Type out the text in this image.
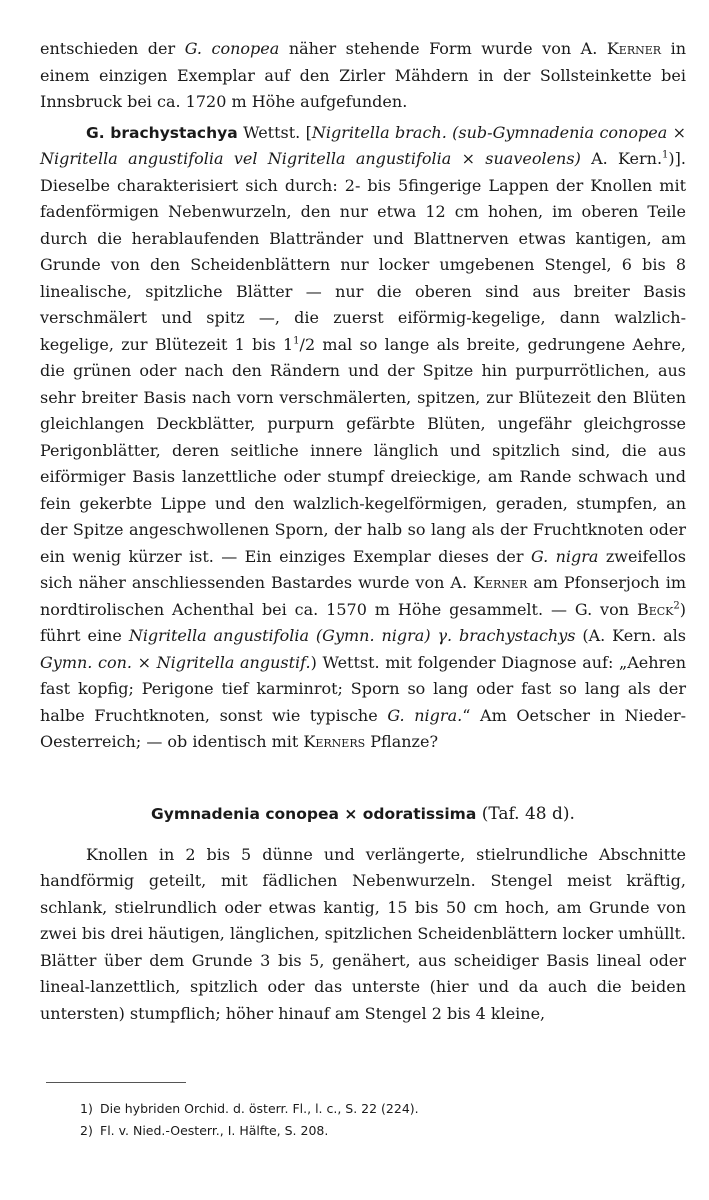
entschieden der G. conopea näher stehende Form wurde von A. Kerner in einem einzigen Exemplar auf den Zirler Mähdern in der Sollsteinkette bei Innsbruck bei ca. 1720 m Höhe aufgefunden.

G. brachystachya Wettst. [Nigritella brach. (sub-Gymnadenia conopea × Nigritella angustifolia vel Nigritella angustifolia × suaveolens) A. Kern.$^1$)]. Dieselbe charakterisiert sich durch: 2- bis 5fingerige Lappen der Knollen mit fadenförmigen Nebenwurzeln, den nur etwa 12 cm hohen, im oberen Teile durch die herablaufenden Blattränder und Blattnerven etwas kantigen, am Grunde von den Scheidenblättern nur locker umgebenen Stengel, 6 bis 8 linealische, spitzliche Blätter — nur die oberen sind aus breiter Basis verschmälert und spitz —, die zuerst eiförmig-kegelige, dann walzlich-kegelige, zur Blütezeit 1 bis $1^1/2$ mal so lange als breite, gedrungene Aehre, die grünen oder nach den Rändern und der Spitze hin purpurrötlichen, aus sehr breiter Basis nach vorn verschmälerten, spitzen, zur Blütezeit den Blüten gleichlangen Deckblätter, purpurn gefärbte Blüten, ungefähr gleichgrosse Perigonblätter, deren seitliche innere länglich und spitzlich sind, die aus eiförmiger Basis lanzettliche oder stumpf dreieckige, am Rande schwach und fein gekerbte Lippe und den walzlich-kegelförmigen, geraden, stumpfen, an der Spitze angeschwollenen Sporn, der halb so lang als der Fruchtknoten oder ein wenig kürzer ist. — Ein einziges Exemplar dieses der G. nigra zweifellos sich näher anschliessenden Bastardes wurde von A. Kerner am Pfonserjoch im nordtirolischen Achenthal bei ca. 1570 m Höhe gesammelt. — G. von Beck$^2$) führt eine Nigritella angustifolia (Gymn. nigra) γ. brachystachys (A. Kern. als Gymn. con. × Nigritella angustif.) Wettst. mit folgender Diagnose auf: „Aehren fast kopfig; Perigone tief karminrot; Sporn so lang oder fast so lang als der halbe Fruchtknoten, sonst wie typische G. nigra.“ Am Oetscher in Nieder-Oesterreich; — ob identisch mit Kerners Pflanze?

Gymnadenia conopea × odoratissima (Taf. 48 d).

Knollen in 2 bis 5 dünne und verlängerte, stielrundliche Abschnitte handförmig geteilt, mit fädlichen Nebenwurzeln. Stengel meist kräftig, schlank, stielrundlich oder etwas kantig, 15 bis 50 cm hoch, am Grunde von zwei bis drei häutigen, länglichen, spitzlichen Scheidenblättern locker umhüllt. Blätter über dem Grunde 3 bis 5, genähert, aus scheidiger Basis lineal oder lineal-lanzettlich, spitzlich oder das unterste (hier und da auch die beiden untersten) stumpflich; höher hinauf am Stengel 2 bis 4 kleine,

1) Die hybriden Orchid. d. österr. Fl., l. c., S. 22 (224).
2) Fl. v. Nied.-Oesterr., I. Hälfte, S. 208.
